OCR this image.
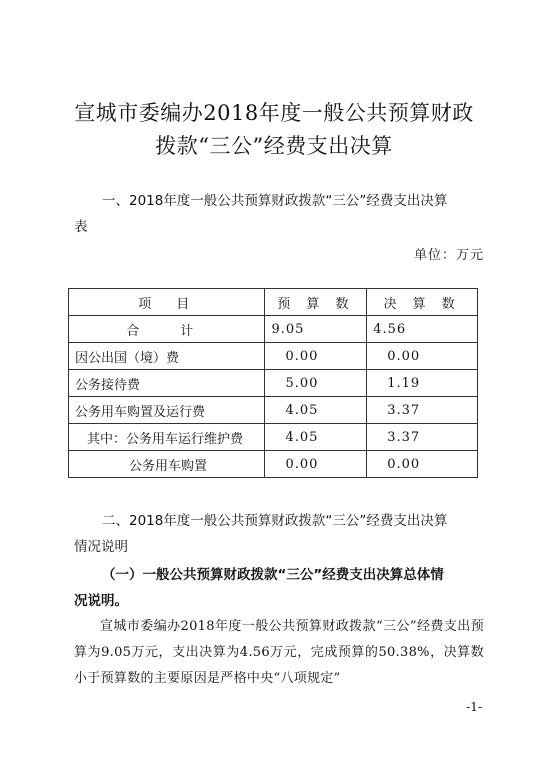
宣城市委编办2018年度一般公共预算财政
拨款“三公”经费支出决算
一、2018年度一般公共预算财政拨款“三公”经费支出决算
表
单位：万元
项　目	预 算 数	决 算 数
合　计	9.05	4.56
因公出国（境）费	0.00	0.00
公务接待费	5.00	1.19
公务用车购置及运行费	4.05	3.37
其中：公务用车运行维护费	4.05	3.37
公务用车购置	0.00	0.00
二、2018年度一般公共预算财政拨款“三公”经费支出决算
情况说明
（一）一般公共预算财政拨款“三公”经费支出决算总体情
况说明。
宣城市委编办2018年度一般公共预算财政拨款“三公”经费支出预算为9.05万元，支出决算为4.56万元，完成预算的50.38%，决算数小于预算数的主要原因是严格中央“八项规定”
-1-
